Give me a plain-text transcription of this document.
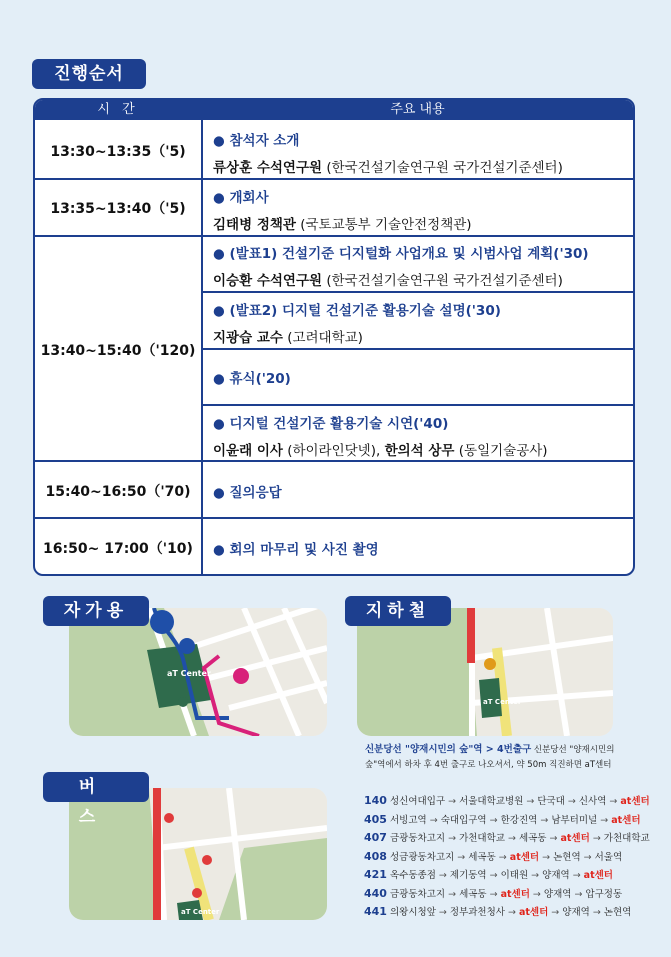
진행순서
시 간	주요 내용
13:30~13:35（'5)
● 참석자 소개
류상훈 수석연구원 (한국건설기술연구원 국가건설기준센터)
13:35~13:40（'5)
● 개회사
김태병 정책관 (국토교통부 기술안전정책관)
13:40~15:40（'120)
● (발표1) 건설기준 디지털화 사업개요 및 시범사업 계획('30)
이승환 수석연구원 (한국건설기술연구원 국가건설기준센터)
● (발표2) 디지털 건설기준 활용기술 설명('30)
지광습 교수 (고려대학교)
● 휴식('20)
● 디지털 건설기준 활용기술 시연('40)
이윤래 이사 (하이라인닷넷), 한의석 상무 (동일기술공사)
15:40~16:50（'70)	● 질의응답
16:50~ 17:00（'10)	● 회의 마무리 및 사진 촬영
aT Center
자가용
aT Center
지하철
신분당선 "양재시민의 숲"역 > 4번출구 신분당선 "양재시민의 숲"역에서 하차 후 4번 출구로 나오셔서, 약 50m 직진하면 aT센터
aT Center
버 스
140 성신여대입구 → 서울대학교병원 → 단국대 → 신사역 → at센터
405 서빙고역 → 숙대입구역 → 한강진역 → 남부터미널 → at센터
407 금광동차고지 → 가천대학교 → 세곡동 → at센터 → 가천대학교
408 성금광동차고지 → 세곡동 → at센터 → 논현역 → 서울역
421 옥수동종점 → 제기동역 → 이태원 → 양재역 → at센터
440 금광동차고지 → 세곡동 → at센터 → 양재역 → 압구정동
441 의왕시청앞 → 정부과천청사 → at센터 → 양재역 → 논현역
